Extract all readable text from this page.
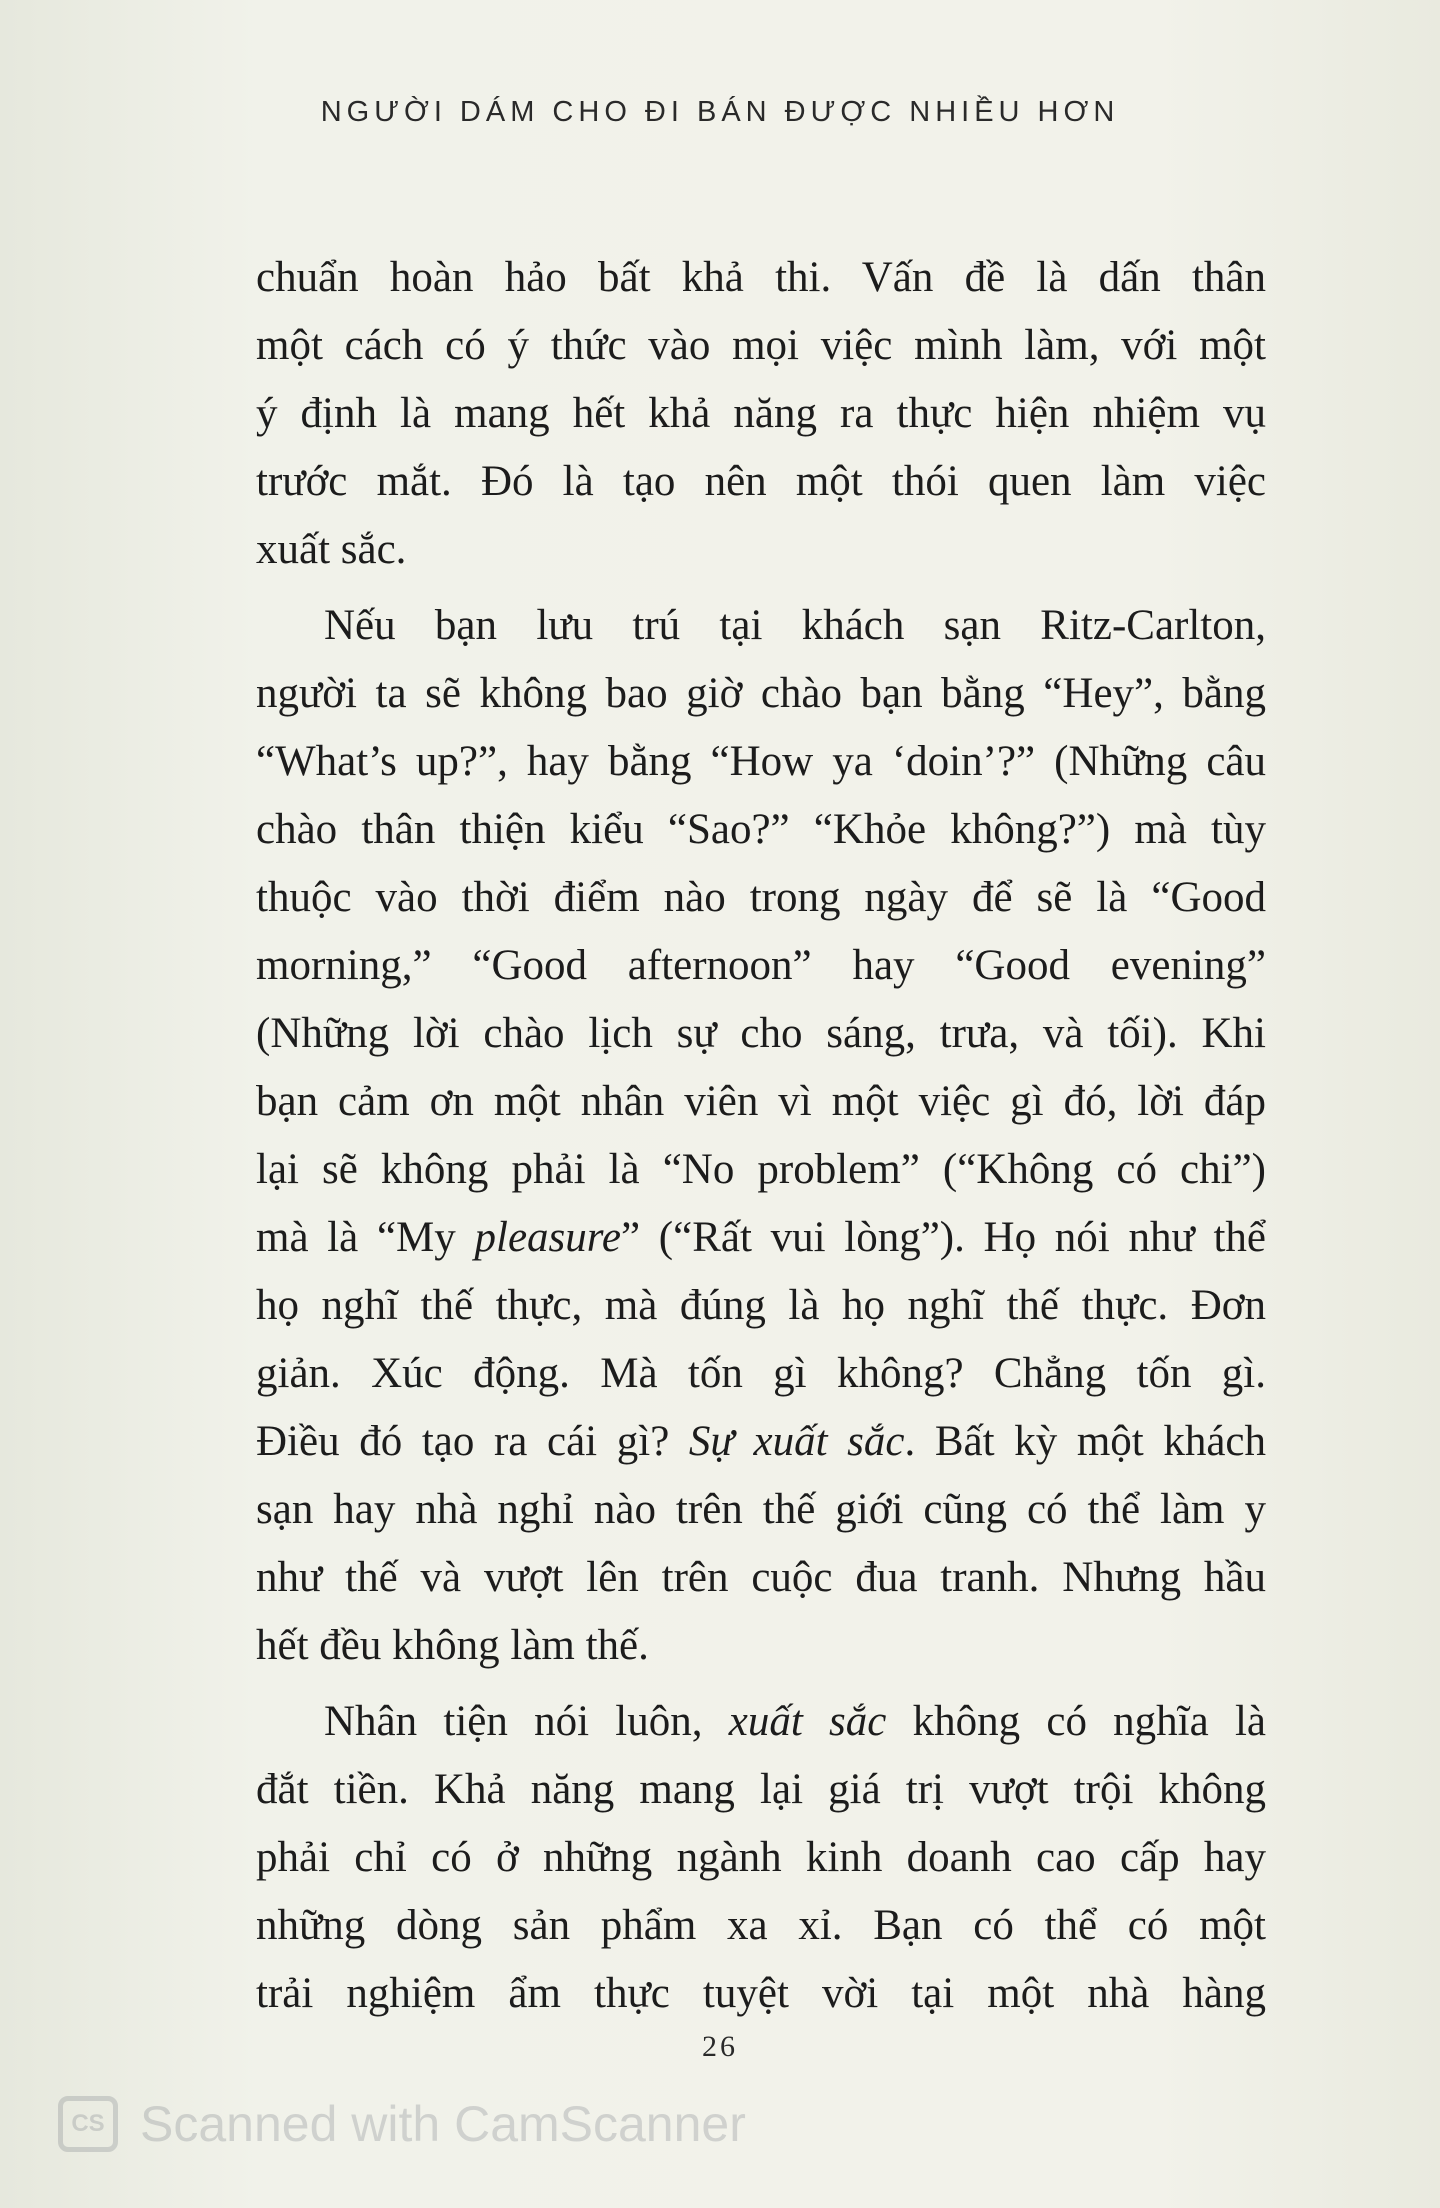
NGƯỜI DÁM CHO ĐI BÁN ĐƯỢC NHIỀU HƠN
chuẩn hoàn hảo bất khả thi. Vấn đề là dấn thân
một cách có ý thức vào mọi việc mình làm, với một
ý định là mang hết khả năng ra thực hiện nhiệm vụ
trước mắt. Đó là tạo nên một thói quen làm việc
xuất sắc.
Nếu bạn lưu trú tại khách sạn Ritz-Carlton,
người ta sẽ không bao giờ chào bạn bằng “Hey”, bằng
“What’s up?”, hay bằng “How ya ‘doin’?” (Những câu
chào thân thiện kiểu “Sao?” “Khỏe không?”) mà tùy
thuộc vào thời điểm nào trong ngày để sẽ là “Good
morning,” “Good afternoon” hay “Good evening”
(Những lời chào lịch sự cho sáng, trưa, và tối). Khi
bạn cảm ơn một nhân viên vì một việc gì đó, lời đáp
lại sẽ không phải là “No problem” (“Không có chi”)
mà là “My pleasure” (“Rất vui lòng”). Họ nói như thể
họ nghĩ thế thực, mà đúng là họ nghĩ thế thực. Đơn
giản. Xúc động. Mà tốn gì không? Chẳng tốn gì.
Điều đó tạo ra cái gì? Sự xuất sắc. Bất kỳ một khách
sạn hay nhà nghỉ nào trên thế giới cũng có thể làm y
như thế và vượt lên trên cuộc đua tranh. Nhưng hầu
hết đều không làm thế.
Nhân tiện nói luôn, xuất sắc không có nghĩa là
đắt tiền. Khả năng mang lại giá trị vượt trội không
phải chỉ có ở những ngành kinh doanh cao cấp hay
những dòng sản phẩm xa xỉ. Bạn có thể có một
trải nghiệm ẩm thực tuyệt vời tại một nhà hàng
26
CS Scanned with CamScanner
